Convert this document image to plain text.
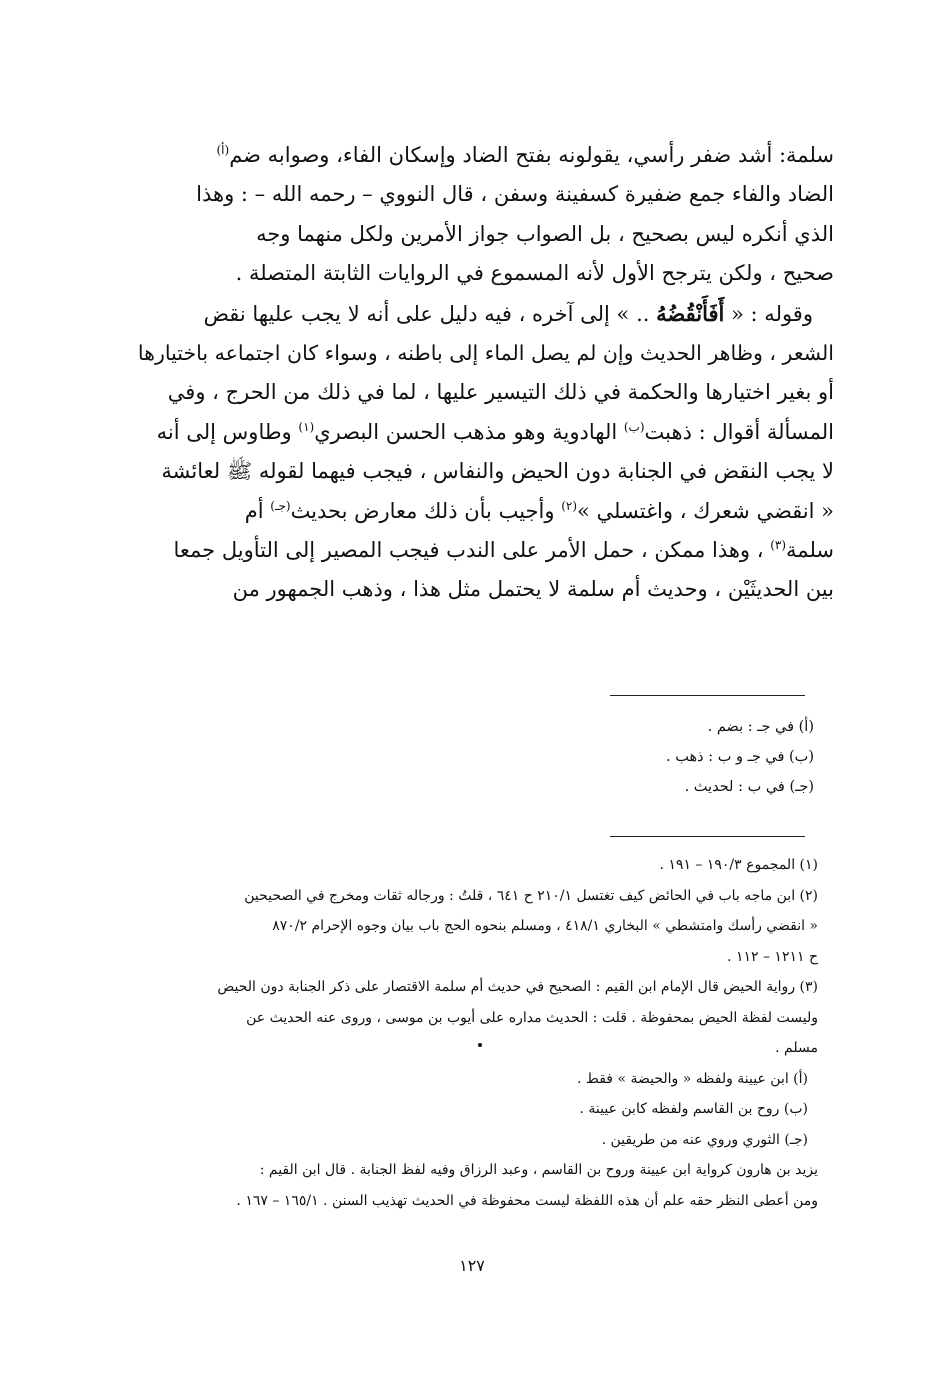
سلمة: أشد ضفر رأسي، يقولونه بفتح الضاد وإسكان الفاء، وصوابه ضم$^{(أ)}$
الضاد والفاء جمع ضفيرة كسفينة وسفن ، قال النووي – رحمه الله – : وهذا
الذي أنكره ليس بصحيح ، بل الصواب جواز الأمرين ولكل منهما وجه
صحيح ، ولكن يترجح الأول لأنه المسموع في الروايات الثابتة المتصلة .
 وقوله : « أَفَأَنْقُضُهُ .. » إلى آخره ، فيه دليل على أنه لا يجب عليها نقض
الشعر ، وظاهر الحديث وإن لم يصل الماء إلى باطنه ، وسواء كان اجتماعه باختيارها
أو بغير اختيارها والحكمة في ذلك التيسير عليها ، لما في ذلك من الحرج ، وفي
المسألة أقوال : ذهبت$^{(ب)}$ الهادوية وهو مذهب الحسن البصري$^{(١)}$ وطاوس إلى أنه
لا يجب النقض في الجنابة دون الحيض والنفاس ، فيجب فيهما لقوله ﷺ لعائشة
« انقضي شعرك ، واغتسلي »$^{(٢)}$ وأجيب بأن ذلك معارض بحديث$^{(جـ)}$ أم
سلمة$^{(٣)}$ ، وهذا ممكن ، حمل الأمر على الندب فيجب المصير إلى التأويل جمعا
بين الحديثَيْن ، وحديث أم سلمة لا يحتمل مثل هذا ، وذهب الجمهور من
(أ) في جـ : بضم .
(ب) في جـ و ب : ذهب .
(جـ) في ب : لحديث .
(١) المجموع ١٩٠/٣ – ١٩١ .
(٢) ابن ماجه باب في الحائض كيف تغتسل ٢١٠/١ ح ٦٤١ ، قلتُ : ورجاله ثقات ومخرج في الصحيحين
« انقضي رأسك وامتشطي » البخاري ٤١٨/١ ، ومسلم بنحوه الحج باب بيان وجوه الإحرام ٨٧٠/٢
ح ١٢١١ – ١١٢ .
(٣) رواية الحيض قال الإمام ابن القيم : الصحيح في حديث أم سلمة الاقتصار على ذكر الجنابة دون الحيض
وليست لفظة الحيض بمحفوظة . قلت : الحديث مداره على أيوب بن موسى ، وروى عنه الحديث عن
مسلم .
(أ) ابن عيينة ولفظه « والحيضة » فقط .
(ب) روح بن القاسم ولفظه كابن عيينة .
(جـ) الثوري وروي عنه من طريقين .
يزيد بن هارون كرواية ابن عيينة وروح بن القاسم ، وعبد الرزاق وفيه لفظ الجنابة . قال ابن القيم :
ومن أعطى النظر حقه علم أن هذه اللفظة ليست محفوظة في الحديث تهذيب السنن . ١٦٥/١ – ١٦٧ .
١٢٧
